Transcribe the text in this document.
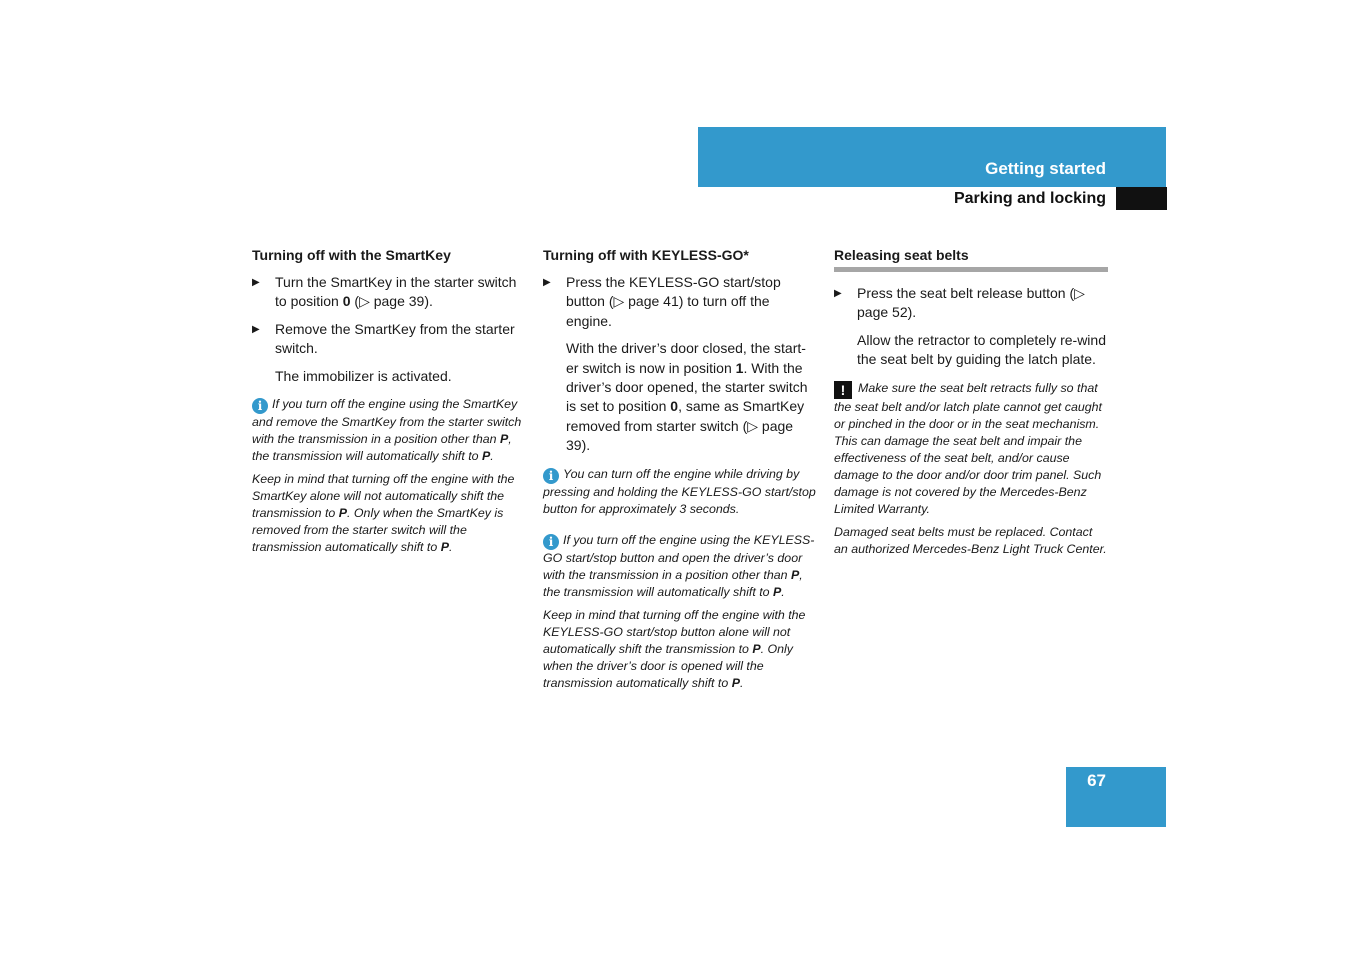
Getting started
Parking and locking
Turning off with the SmartKey
▶ Turn the SmartKey in the starter switch to position 0 (▷ page 39).
▶ Remove the SmartKey from the starter switch.
The immobilizer is activated.
i If you turn off the engine using the SmartKey and remove the SmartKey from the starter switch with the transmission in a position other than P, the transmission will automatically shift to P.
Keep in mind that turning off the engine with the SmartKey alone will not automatically shift the transmission to P. Only when the SmartKey is removed from the starter switch will the transmission automatically shift to P.
Turning off with KEYLESS-GO*
▶ Press the KEYLESS-GO start/stop button (▷ page 41) to turn off the engine.
With the driver’s door closed, the start-er switch is now in position 1. With the driver’s door opened, the starter switch is set to position 0, same as SmartKey removed from starter switch (▷ page 39).
i You can turn off the engine while driving by pressing and holding the KEYLESS-GO start/stop button for approximately 3 seconds.
i If you turn off the engine using the KEYLESS-GO start/stop button and open the driver’s door with the transmission in a position other than P, the transmission will automatically shift to P.
Keep in mind that turning off the engine with the KEYLESS-GO start/stop button alone will not automatically shift the transmission to P. Only when the driver’s door is opened will the transmission automatically shift to P.
Releasing seat belts
▶ Press the seat belt release button (▷ page 52).
Allow the retractor to completely re-wind the seat belt by guiding the latch plate.
! Make sure the seat belt retracts fully so that the seat belt and/or latch plate cannot get caught or pinched in the door or in the seat mechanism. This can damage the seat belt and impair the effectiveness of the seat belt, and/or cause damage to the door and/or door trim panel. Such damage is not covered by the Mercedes-Benz Limited Warranty.
Damaged seat belts must be replaced. Contact an authorized Mercedes-Benz Light Truck Center.
67
